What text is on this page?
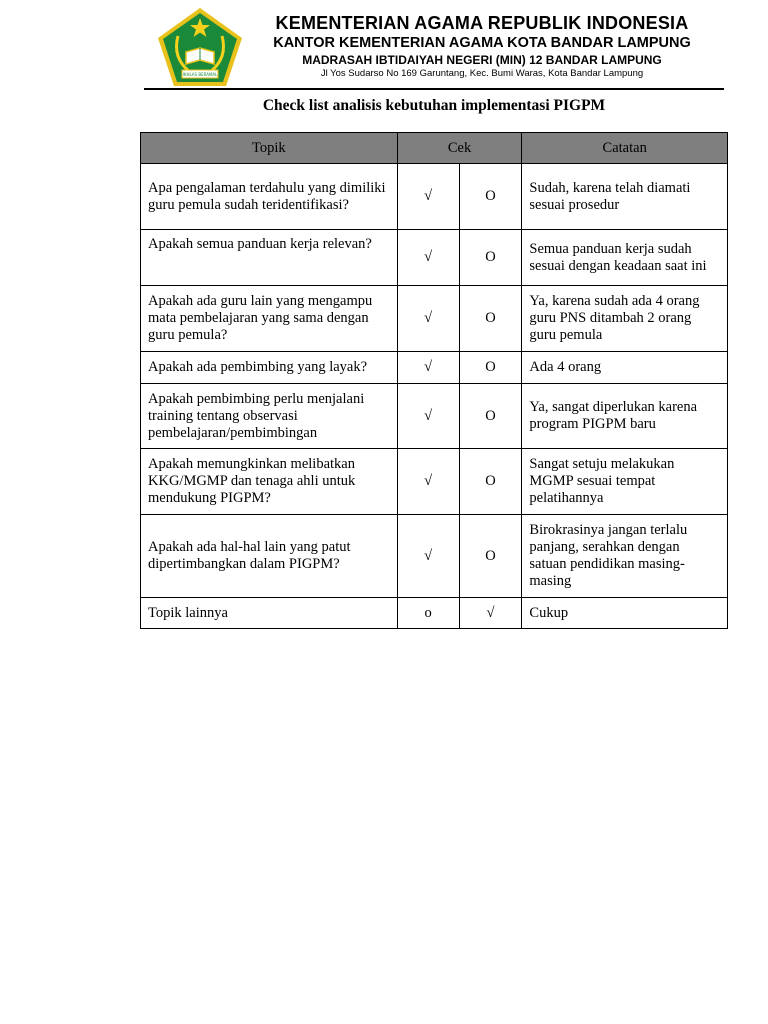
IKHLAS BERAMAL
KEMENTERIAN AGAMA REPUBLIK INDONESIA
KANTOR KEMENTERIAN AGAMA KOTA BANDAR LAMPUNG
MADRASAH IBTIDAIYAH NEGERI (MIN) 12 BANDAR LAMPUNG
Jl Yos Sudarso No 169 Garuntang, Kec. Bumi Waras, Kota Bandar Lampung
Check list analisis kebutuhan implementasi PIGPM
Topik	Cek		Catatan
Apa pengalaman terdahulu yang dimiliki guru pemula sudah teridentifikasi?	√	O	Sudah, karena telah diamati sesuai prosedur
Apakah semua panduan kerja relevan?	√	O	Semua panduan kerja sudah sesuai dengan keadaan saat ini
Apakah ada guru lain yang mengampu mata pembelajaran yang sama dengan guru pemula?	√	O	Ya, karena sudah ada 4 orang guru PNS ditambah 2 orang guru pemula
Apakah ada pembimbing yang layak?	√	O	Ada 4 orang
Apakah pembimbing perlu menjalani training tentang observasi pembelajaran/pembimbingan	√	O	Ya, sangat diperlukan karena program PIGPM baru
Apakah memungkinkan melibatkan KKG/MGMP dan tenaga ahli untuk mendukung PIGPM?	√	O	Sangat setuju melakukan MGMP sesuai tempat pelatihannya
Apakah ada hal-hal lain yang patut dipertimbangkan dalam PIGPM?	√	O	Birokrasinya jangan terlalu panjang, serahkan dengan satuan pendidikan masing-masing
Topik lainnya	o	√	Cukup
